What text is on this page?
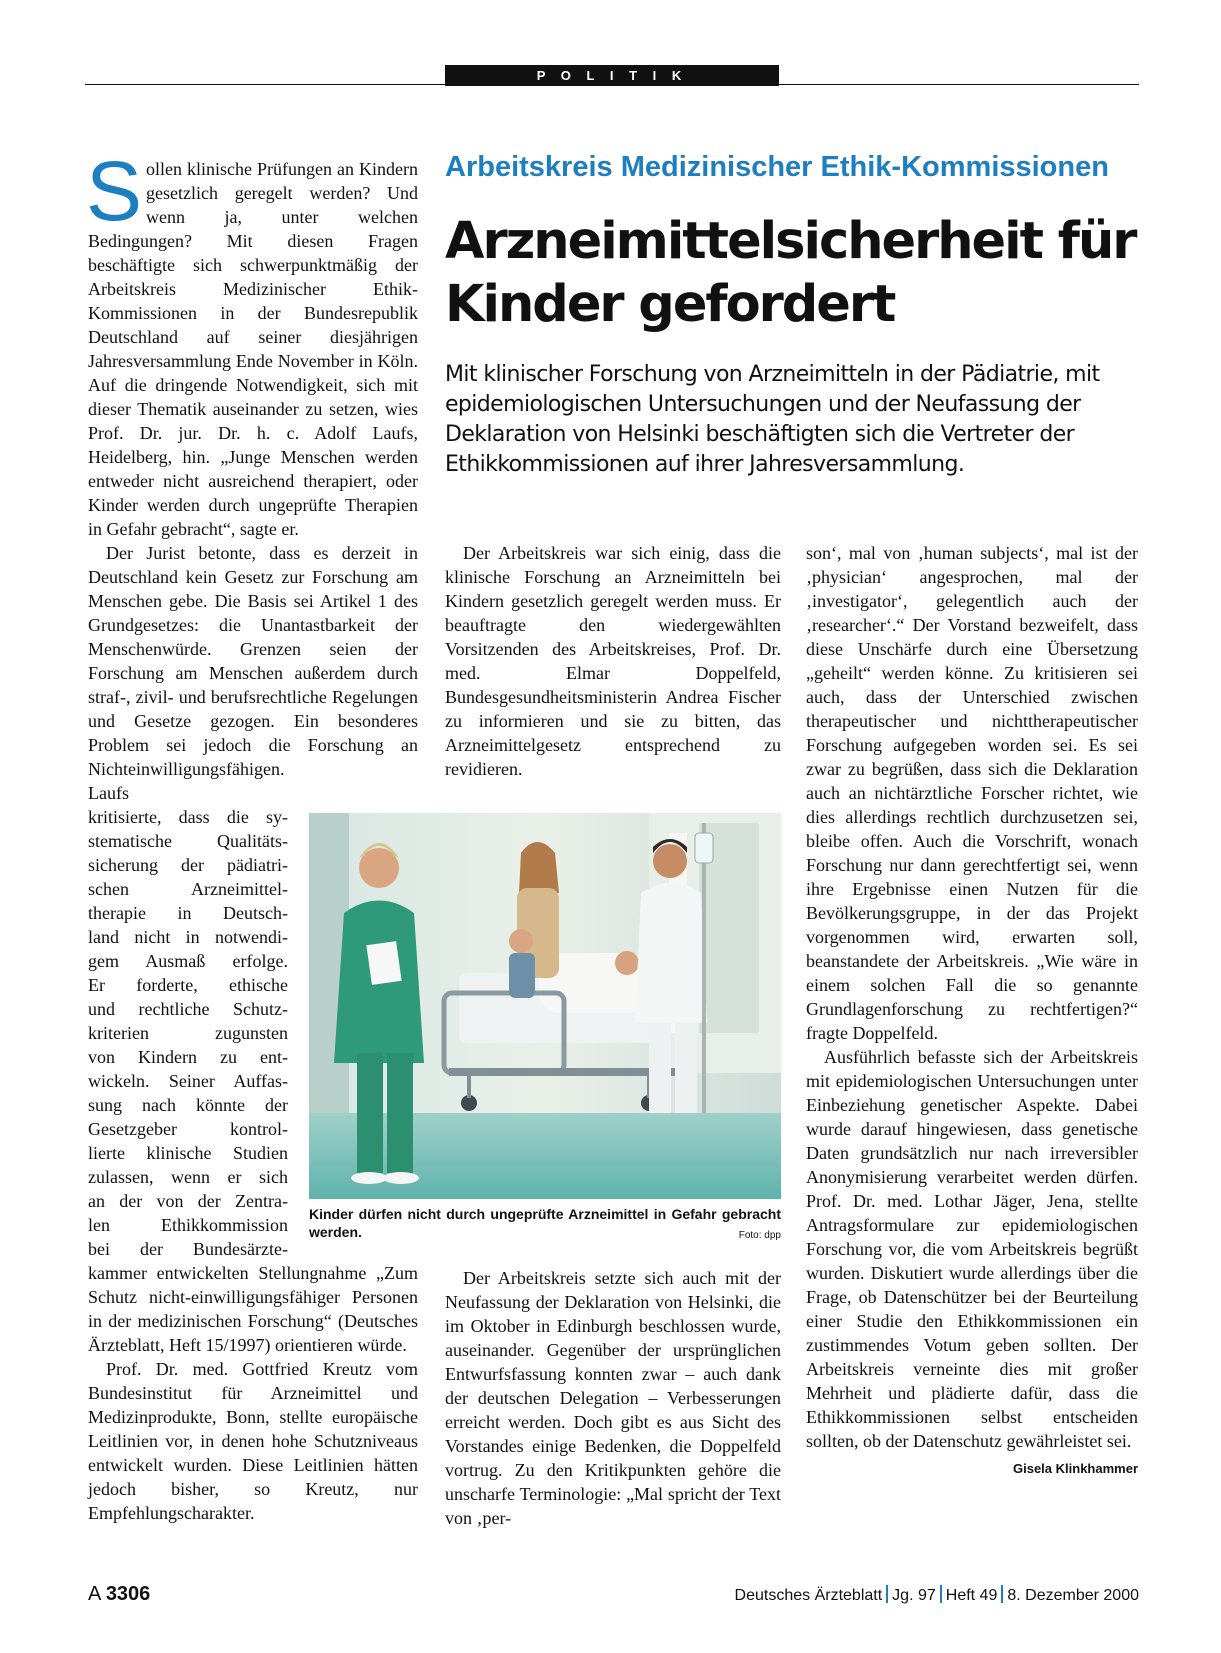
P O L I T I K
Arbeitskreis Medizinischer Ethik-Kommissionen
Arzneimittelsicherheit für Kinder gefordert
Mit klinischer Forschung von Arzneimitteln in der Pädiatrie, mit epidemiologischen Untersuchungen und der Neufassung der Deklaration von Helsinki beschäftigten sich die Vertreter der Ethikkommissionen auf ihrer Jahresversammlung.

Sollen klinische Prüfungen an Kindern gesetzlich geregelt werden? Und wenn ja, unter welchen Bedingungen? Mit diesen Fragen beschäftigte sich schwerpunktmäßig der Arbeitskreis Medizinischer Ethik-Kommissionen in der Bundesrepublik Deutschland auf seiner diesjährigen Jahresversammlung Ende November in Köln. Auf die dringende Notwendigkeit, sich mit dieser Thematik auseinander zu setzen, wies Prof. Dr. jur. Dr. h. c. Adolf Laufs, Heidelberg, hin. „Junge Menschen werden entweder nicht ausreichend therapiert, oder Kinder werden durch ungeprüfte Therapien in Gefahr gebracht“, sagte er.

Der Jurist betonte, dass es derzeit in Deutschland kein Gesetz zur Forschung am Menschen gebe. Die Basis sei Artikel 1 des Grundgesetzes: die Unantastbarkeit der Menschenwürde. Grenzen seien der Forschung am Menschen außerdem durch straf-, zivil- und berufsrechtliche Regelungen und Gesetze gezogen. Ein besonderes Problem sei jedoch die Forschung an Nichteinwilligungsfähigen.

Laufs
kritisierte, dass die sy-
stematische Qualitäts-
sicherung der pädiatri-
schen Arzneimittel-
therapie in Deutsch-
land nicht in notwendi-
gem Ausmaß erfolge.
Er forderte, ethische
und rechtliche Schutz-
kriterien zugunsten
von Kindern zu ent-
wickeln. Seiner Auffas-
sung nach könnte der
Gesetzgeber kontrol-
lierte klinische Studien
zulassen, wenn er sich
an der von der Zentra-
len Ethikkommission
bei der Bundesärzte-

kammer entwickelten Stellungnahme „Zum Schutz nicht-einwilligungsfähiger Personen in der medizinischen Forschung“ (Deutsches Ärzteblatt, Heft 15/1997) orientieren würde.

Prof. Dr. med. Gottfried Kreutz vom Bundesinstitut für Arzneimittel und Medizinprodukte, Bonn, stellte europäische Leitlinien vor, in denen hohe Schutzniveaus entwickelt wurden. Diese Leitlinien hätten jedoch bisher, so Kreutz, nur Empfehlungscharakter.

Der Arbeitskreis war sich einig, dass die klinische Forschung an Arzneimitteln bei Kindern gesetzlich geregelt werden muss. Er beauftragte den wiedergewählten Vorsitzenden des Arbeitskreises, Prof. Dr. med. Elmar Doppelfeld, Bundesgesundheitsministerin Andrea Fischer zu informieren und sie zu bitten, das Arzneimittelgesetz entsprechend zu revidieren.

Kinder dürfen nicht durch ungeprüfte Arzneimittel in Gefahr gebracht werden.	Foto: dpp

Der Arbeitskreis setzte sich auch mit der Neufassung der Deklaration von Helsinki, die im Oktober in Edinburgh beschlossen wurde, auseinander. Gegenüber der ursprünglichen Entwurfsfassung konnten zwar – auch dank der deutschen Delegation – Verbesserungen erreicht werden. Doch gibt es aus Sicht des Vorstandes einige Bedenken, die Doppelfeld vortrug. Zu den Kritikpunkten gehöre die unscharfe Terminologie: „Mal spricht der Text von ‚per-

son‘, mal von ‚human subjects‘, mal ist der ‚physician‘ angesprochen, mal der ‚investigator‘, gelegentlich auch der ‚researcher‘.“ Der Vorstand bezweifelt, dass diese Unschärfe durch eine Übersetzung „geheilt“ werden könne. Zu kritisieren sei auch, dass der Unterschied zwischen therapeutischer und nichttherapeutischer Forschung aufgegeben worden sei. Es sei zwar zu begrüßen, dass sich die Deklaration auch an nichtärztliche Forscher richtet, wie dies allerdings rechtlich durchzusetzen sei, bleibe offen. Auch die Vorschrift, wonach Forschung nur dann gerechtfertigt sei, wenn ihre Ergebnisse einen Nutzen für die Bevölkerungsgruppe, in der das Projekt vorgenommen wird, erwarten soll, beanstandete der Arbeitskreis. „Wie wäre in einem solchen Fall die so genannte Grundlagenforschung zu rechtfertigen?“ fragte Doppelfeld.

Ausführlich befasste sich der Arbeitskreis mit epidemiologischen Untersuchungen unter Einbeziehung genetischer Aspekte. Dabei wurde darauf hingewiesen, dass genetische Daten grundsätzlich nur nach irreversibler Anonymisierung verarbeitet werden dürfen. Prof. Dr. med. Lothar Jäger, Jena, stellte Antragsformulare zur epidemiologischen Forschung vor, die vom Arbeitskreis begrüßt wurden. Diskutiert wurde allerdings über die Frage, ob Datenschützer bei der Beurteilung einer Studie den Ethikkommissionen ein zustimmendes Votum geben sollten. Der Arbeitskreis verneinte dies mit großer Mehrheit und plädierte dafür, dass die Ethikkommissionen selbst entscheiden sollten, ob der Datenschutz gewährleistet sei.
Gisela Klinkhammer

A 3306	Deutsches Ärzteblatt Jg. 97 Heft 49 8. Dezember 2000
